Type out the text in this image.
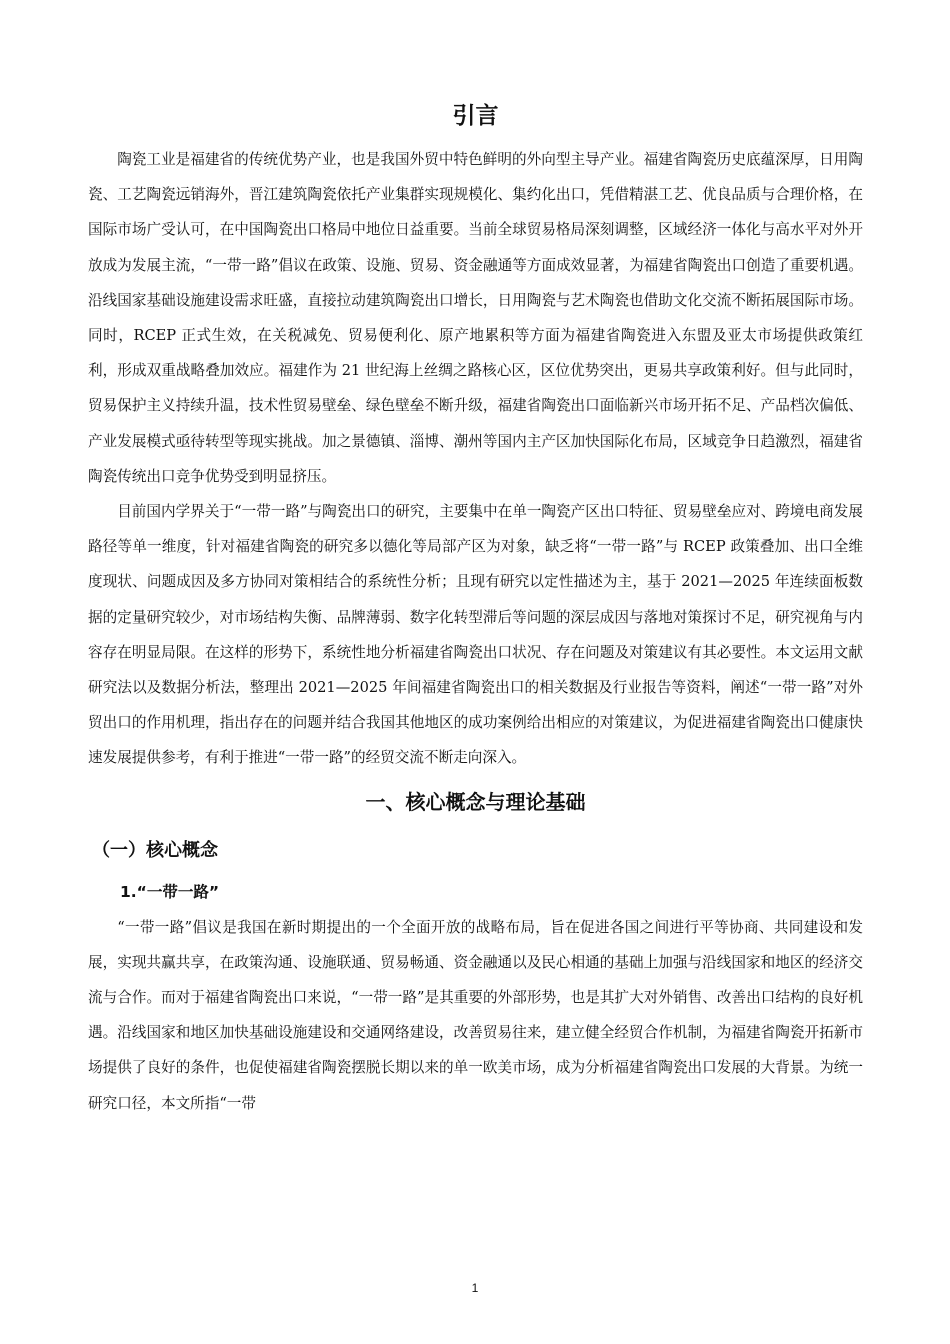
引言

陶瓷工业是福建省的传统优势产业，也是我国外贸中特色鲜明的外向型主导产业。福建省陶瓷历史底蕴深厚，日用陶瓷、工艺陶瓷远销海外，晋江建筑陶瓷依托产业集群实现规模化、集约化出口，凭借精湛工艺、优良品质与合理价格，在国际市场广受认可，在中国陶瓷出口格局中地位日益重要。当前全球贸易格局深刻调整，区域经济一体化与高水平对外开放成为发展主流，“一带一路”倡议在政策、设施、贸易、资金融通等方面成效显著，为福建省陶瓷出口创造了重要机遇。沿线国家基础设施建设需求旺盛，直接拉动建筑陶瓷出口增长，日用陶瓷与艺术陶瓷也借助文化交流不断拓展国际市场。同时，RCEP 正式生效，在关税减免、贸易便利化、原产地累积等方面为福建省陶瓷进入东盟及亚太市场提供政策红利，形成双重战略叠加效应。福建作为 21 世纪海上丝绸之路核心区，区位优势突出，更易共享政策利好。但与此同时，贸易保护主义持续升温，技术性贸易壁垒、绿色壁垒不断升级，福建省陶瓷出口面临新兴市场开拓不足、产品档次偏低、产业发展模式亟待转型等现实挑战。加之景德镇、淄博、潮州等国内主产区加快国际化布局，区域竞争日趋激烈，福建省陶瓷传统出口竞争优势受到明显挤压。

目前国内学界关于“一带一路”与陶瓷出口的研究，主要集中在单一陶瓷产区出口特征、贸易壁垒应对、跨境电商发展路径等单一维度，针对福建省陶瓷的研究多以德化等局部产区为对象，缺乏将“一带一路”与 RCEP 政策叠加、出口全维度现状、问题成因及多方协同对策相结合的系统性分析；且现有研究以定性描述为主，基于 2021—2025 年连续面板数据的定量研究较少，对市场结构失衡、品牌薄弱、数字化转型滞后等问题的深层成因与落地对策探讨不足，研究视角与内容存在明显局限。在这样的形势下，系统性地分析福建省陶瓷出口状况、存在问题及对策建议有其必要性。本文运用文献研究法以及数据分析法，整理出 2021—2025 年间福建省陶瓷出口的相关数据及行业报告等资料，阐述“一带一路”对外贸出口的作用机理，指出存在的问题并结合我国其他地区的成功案例给出相应的对策建议，为促进福建省陶瓷出口健康快速发展提供参考，有利于推进“一带一路”的经贸交流不断走向深入。

一、核心概念与理论基础
（一）核心概念
1.“一带一路”

“一带一路”倡议是我国在新时期提出的一个全面开放的战略布局，旨在促进各国之间进行平等协商、共同建设和发展，实现共赢共享，在政策沟通、设施联通、贸易畅通、资金融通以及民心相通的基础上加强与沿线国家和地区的经济交流与合作。而对于福建省陶瓷出口来说，“一带一路”是其重要的外部形势，也是其扩大对外销售、改善出口结构的良好机遇。沿线国家和地区加快基础设施建设和交通网络建设，改善贸易往来，建立健全经贸合作机制，为福建省陶瓷开拓新市场提供了良好的条件，也促使福建省陶瓷摆脱长期以来的单一欧美市场，成为分析福建省陶瓷出口发展的大背景。为统一研究口径，本文所指“一带

1
